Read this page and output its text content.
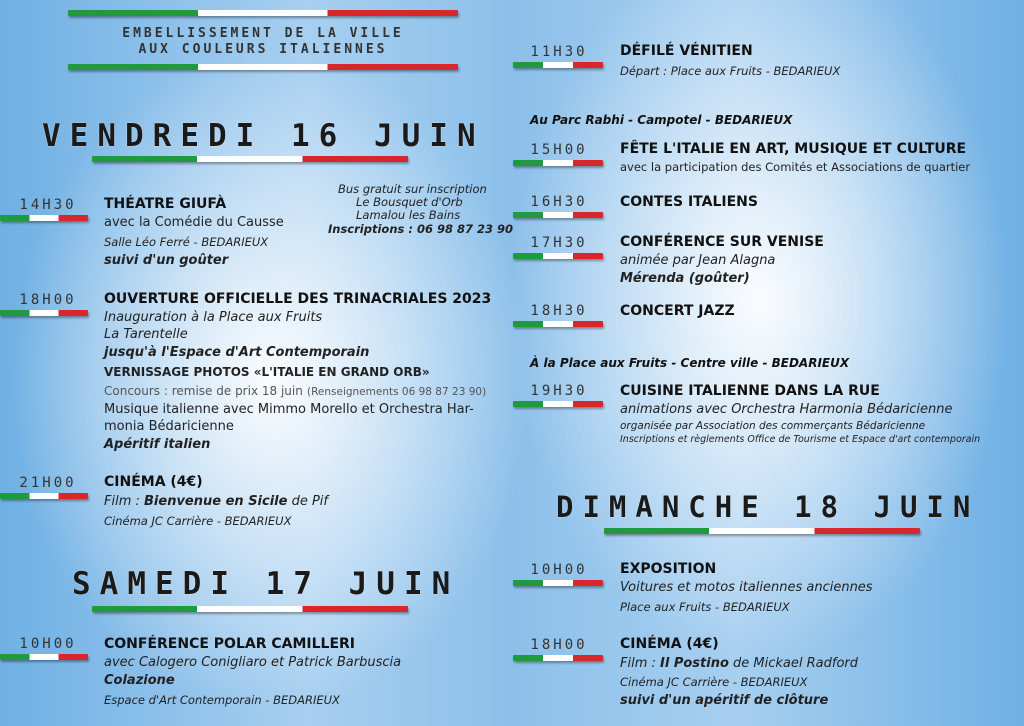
EMBELLISSEMENT DE LA VILLE
AUX COULEURS ITALIENNES
VENDREDI 16 JUIN
Bus gratuit sur inscription
Le Bousquet d'Orb
Lamalou les Bains
Inscriptions : 06 98 87 23 90
14H30	THÉATRE GIUFÀ
avec la Comédie du Causse
Salle Léo Ferré - BEDARIEUX
suivi d'un goûter
18H00	OUVERTURE OFFICIELLE DES TRINACRIALES 2023
Inauguration à la Place aux Fruits
La Tarentelle
jusqu'à l'Espace d'Art Contemporain
VERNISSAGE PHOTOS «L'ITALIE EN GRAND ORB»
Concours : remise de prix 18 juin (Renseignements 06 98 87 23 90)
Musique italienne avec Mimmo Morello et Orchestra Har-
monia Bédaricienne
Apéritif italien
21H00	CINÉMA (4€)
Film : Bienvenue en Sicile de Pif
Cinéma JC Carrière - BEDARIEUX
SAMEDI 17 JUIN
10H00	CONFÉRENCE POLAR CAMILLERI
avec Calogero Conigliaro et Patrick Barbuscia
Colazione
Espace d'Art Contemporain - BEDARIEUX
11H30	DÉFILÉ VÉNITIEN
Départ : Place aux Fruits - BEDARIEUX
Au Parc Rabhi - Campotel - BEDARIEUX
15H00	FÊTE L'ITALIE EN ART, MUSIQUE ET CULTURE
avec la participation des Comités et Associations de quartier
16H30	CONTES ITALIENS
17H30	CONFÉRENCE SUR VENISE
animée par Jean Alagna
Mérenda (goûter)
18H30	CONCERT JAZZ
À la Place aux Fruits - Centre ville - BEDARIEUX
19H30	CUISINE ITALIENNE DANS LA RUE
animations avec Orchestra Harmonia Bédaricienne
organisée par Association des commerçants Bédaricienne
Inscriptions et règlements Office de Tourisme et Espace d'art contemporain
DIMANCHE 18 JUIN
10H00	EXPOSITION
Voitures et motos italiennes anciennes
Place aux Fruits - BEDARIEUX
18H00	CINÉMA (4€)
Film : Il Postino de Mickael Radford
Cinéma JC Carrière - BEDARIEUX
suivi d'un apéritif de clôture
